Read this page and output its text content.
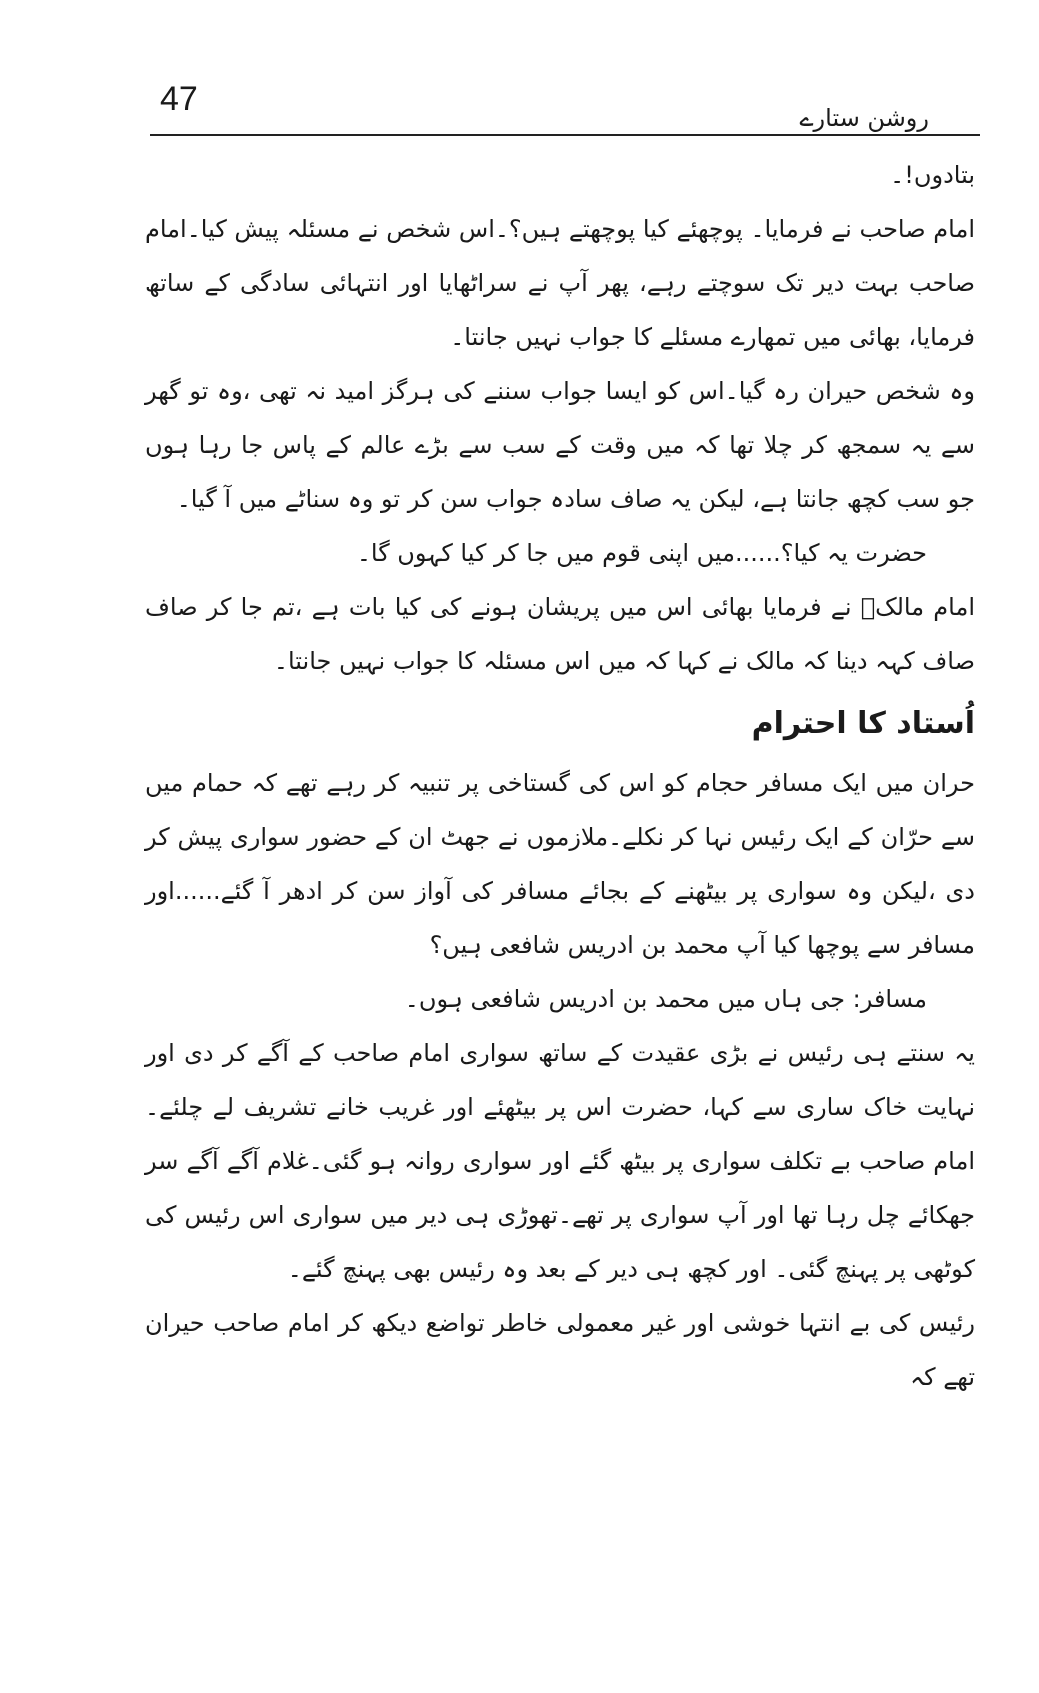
47	روشن ستارے

بتادوں!۔

امام صاحب نے فرمایا۔ پوچھئے کیا پوچھتے ہیں؟۔اس شخص نے مسئلہ پیش کیا۔امام صاحب بہت دیر تک سوچتے رہے، پھر آپ نے سراٹھایا اور انتہائی سادگی کے ساتھ فرمایا، بھائی میں تمھارے مسئلے کا جواب نہیں جانتا۔

وہ شخص حیران رہ گیا۔اس کو ایسا جواب سننے کی ہرگز امید نہ تھی ،وہ تو گھر سے یہ سمجھ کر چلا تھا کہ میں وقت کے سب سے بڑے عالم کے پاس جا رہا ہوں جو سب کچھ جانتا ہے، لیکن یہ صاف سادہ جواب سن کر تو وہ سناٹے میں آ گیا۔

حضرت یہ کیا؟......میں اپنی قوم میں جا کر کیا کہوں گا۔

امام مالکؒ نے فرمایا بھائی اس میں پریشان ہونے کی کیا بات ہے ،تم جا کر صاف صاف کہہ دینا کہ مالک نے کہا کہ میں اس مسئلہ کا جواب نہیں جانتا۔

اُستاد کا احترام

حران میں ایک مسافر حجام کو اس کی گستاخی پر تنبیہ کر رہے تھے کہ حمام میں سے حرّان کے ایک رئیس نہا کر نکلے۔ملازموں نے جھٹ ان کے حضور سواری پیش کر دی ،لیکن وہ سواری پر بیٹھنے کے بجائے مسافر کی آواز سن کر ادھر آ گئے......اور مسافر سے پوچھا کیا آپ محمد بن ادریس شافعی ہیں؟

مسافر: جی ہاں میں محمد بن ادریس شافعی ہوں۔

یہ سنتے ہی رئیس نے بڑی عقیدت کے ساتھ سواری امام صاحب کے آگے کر دی اور نہایت خاک ساری سے کہا، حضرت اس پر بیٹھئے اور غریب خانے تشریف لے چلئے۔ امام صاحب بے تکلف سواری پر بیٹھ گئے اور سواری روانہ ہو گئی۔غلام آگے آگے سر جھکائے چل رہا تھا اور آپ سواری پر تھے۔تھوڑی ہی دیر میں سواری اس رئیس کی کوٹھی پر پہنچ گئی۔ اور کچھ ہی دیر کے بعد وہ رئیس بھی پہنچ گئے۔

رئیس کی بے انتہا خوشی اور غیر معمولی خاطر تواضع دیکھ کر امام صاحب حیران تھے کہ
